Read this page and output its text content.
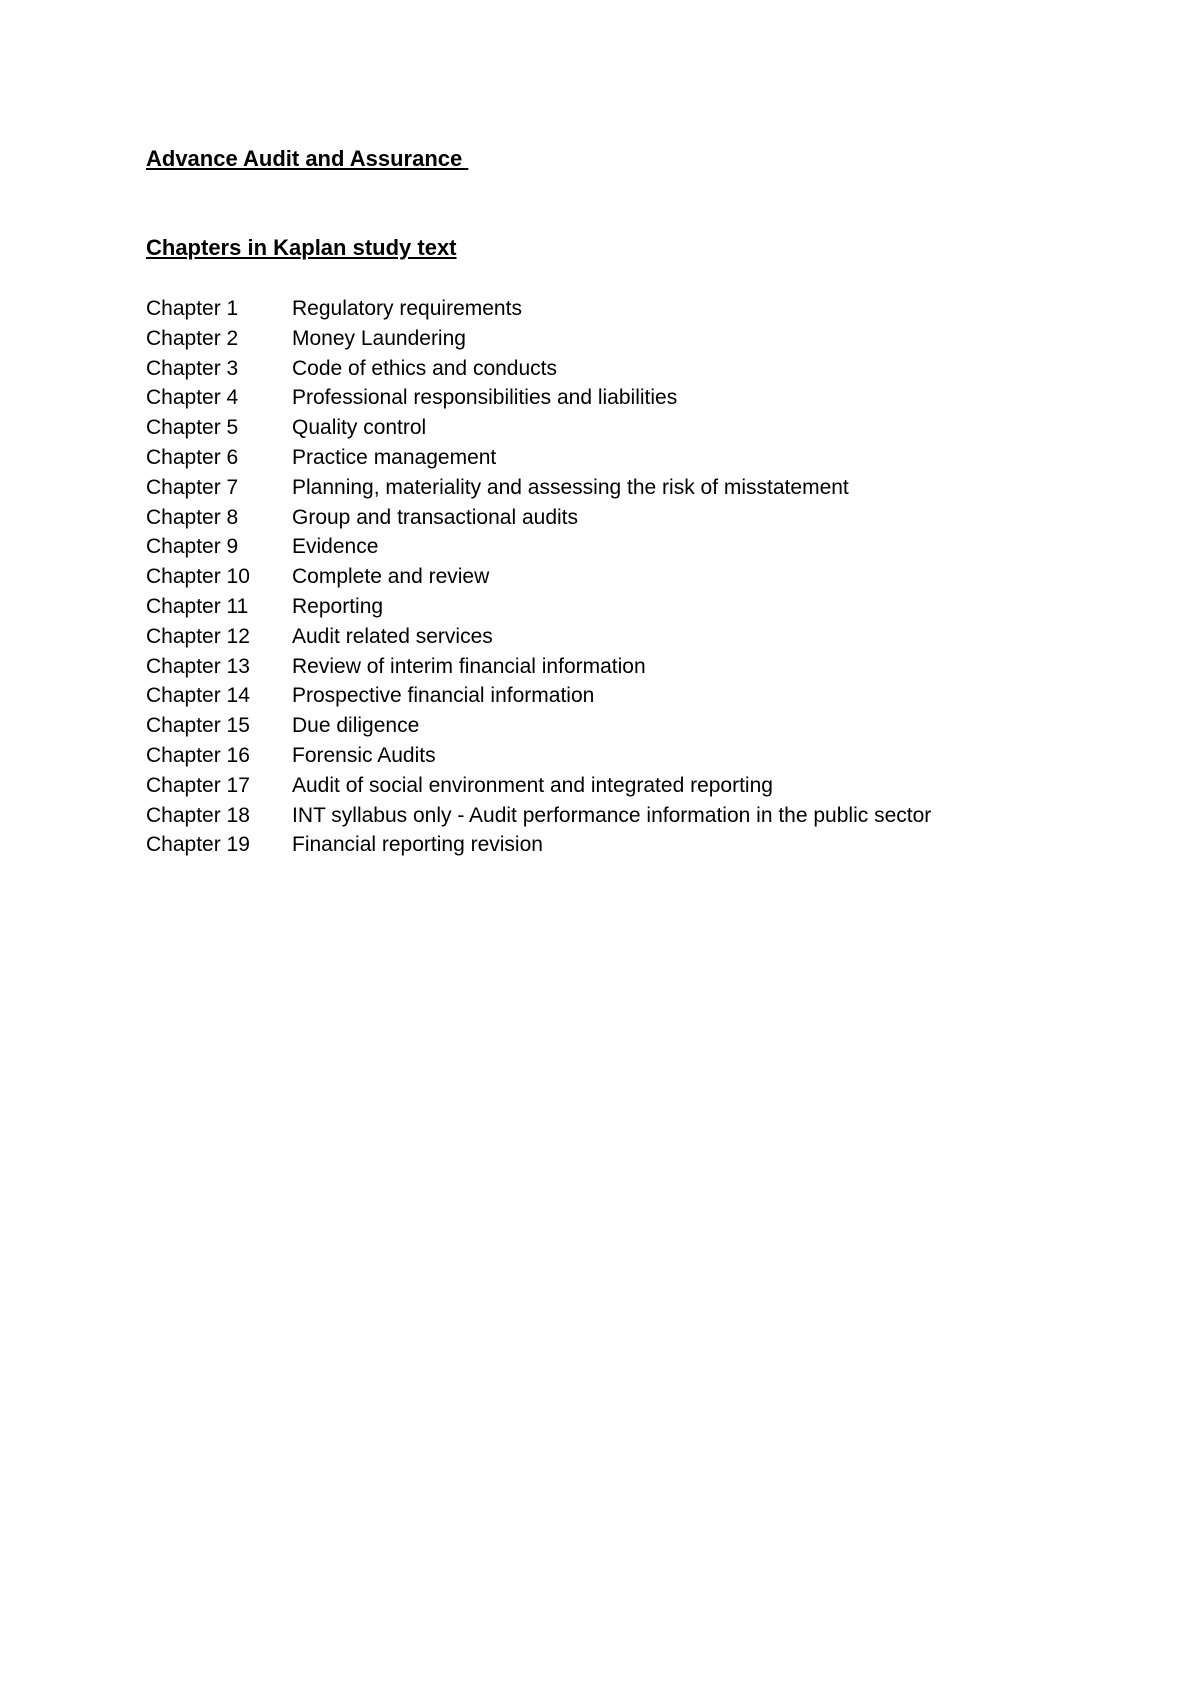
Advance Audit and Assurance
Chapters in Kaplan study text
Chapter 1	Regulatory requirements
Chapter 2	Money Laundering
Chapter 3	Code of ethics and conducts
Chapter 4	Professional responsibilities and liabilities
Chapter 5	Quality control
Chapter 6	Practice management
Chapter 7	Planning, materiality and assessing the risk of misstatement
Chapter 8	Group and transactional audits
Chapter 9	Evidence
Chapter 10	Complete and review
Chapter 11	Reporting
Chapter 12	Audit related services
Chapter 13	Review of interim financial information
Chapter 14	Prospective financial information
Chapter 15	Due diligence
Chapter 16	Forensic Audits
Chapter 17	Audit of social environment and integrated reporting
Chapter 18	INT syllabus only - Audit performance information in the public sector
Chapter 19	Financial reporting revision
